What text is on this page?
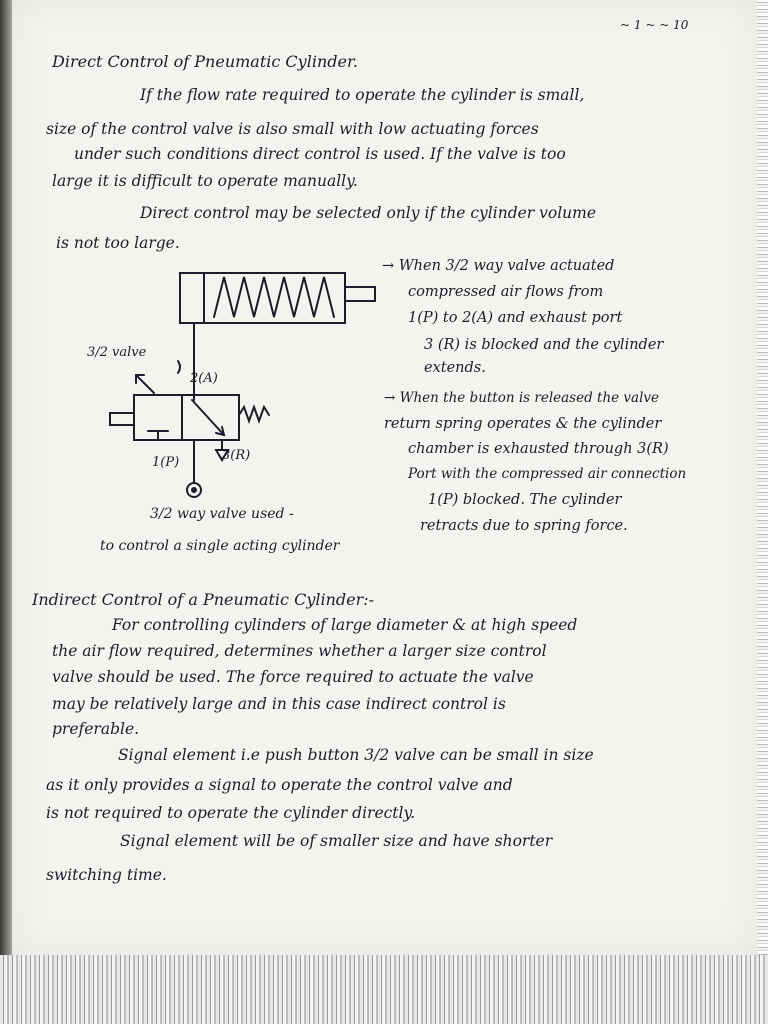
~ 1 ~ ~ 10
Direct Control of Pneumatic Cylinder.
If the flow rate required to operate the cylinder is small,
size of the control valve is also small with low actuating forces
under such conditions direct control is used. If the valve is too
large it is difficult to operate manually.
Direct control may be selected only if the cylinder volume
is not too large.
3/2 valve
2(A)
1(P)	3(R)
3/2 way valve used -
to control a single acting cylinder
→ When 3/2 way valve actuated
compressed air flows from
1(P) to 2(A) and exhaust port
3 (R) is blocked and the cylinder
extends.
→ When the button is released the valve
return spring operates & the cylinder
chamber is exhausted through 3(R)
Port with the compressed air connection
1(P) blocked. The cylinder
retracts due to spring force.
Indirect Control of a Pneumatic Cylinder:-
For controlling cylinders of large diameter & at high speed
the air flow required, determines whether a larger size control
valve should be used. The force required to actuate the valve
may be relatively large and in this case indirect control is
preferable.
Signal element i.e push button 3/2 valve can be small in size
as it only provides a signal to operate the control valve and
is not required to operate the cylinder directly.
Signal element will be of smaller size and have shorter
switching time.
